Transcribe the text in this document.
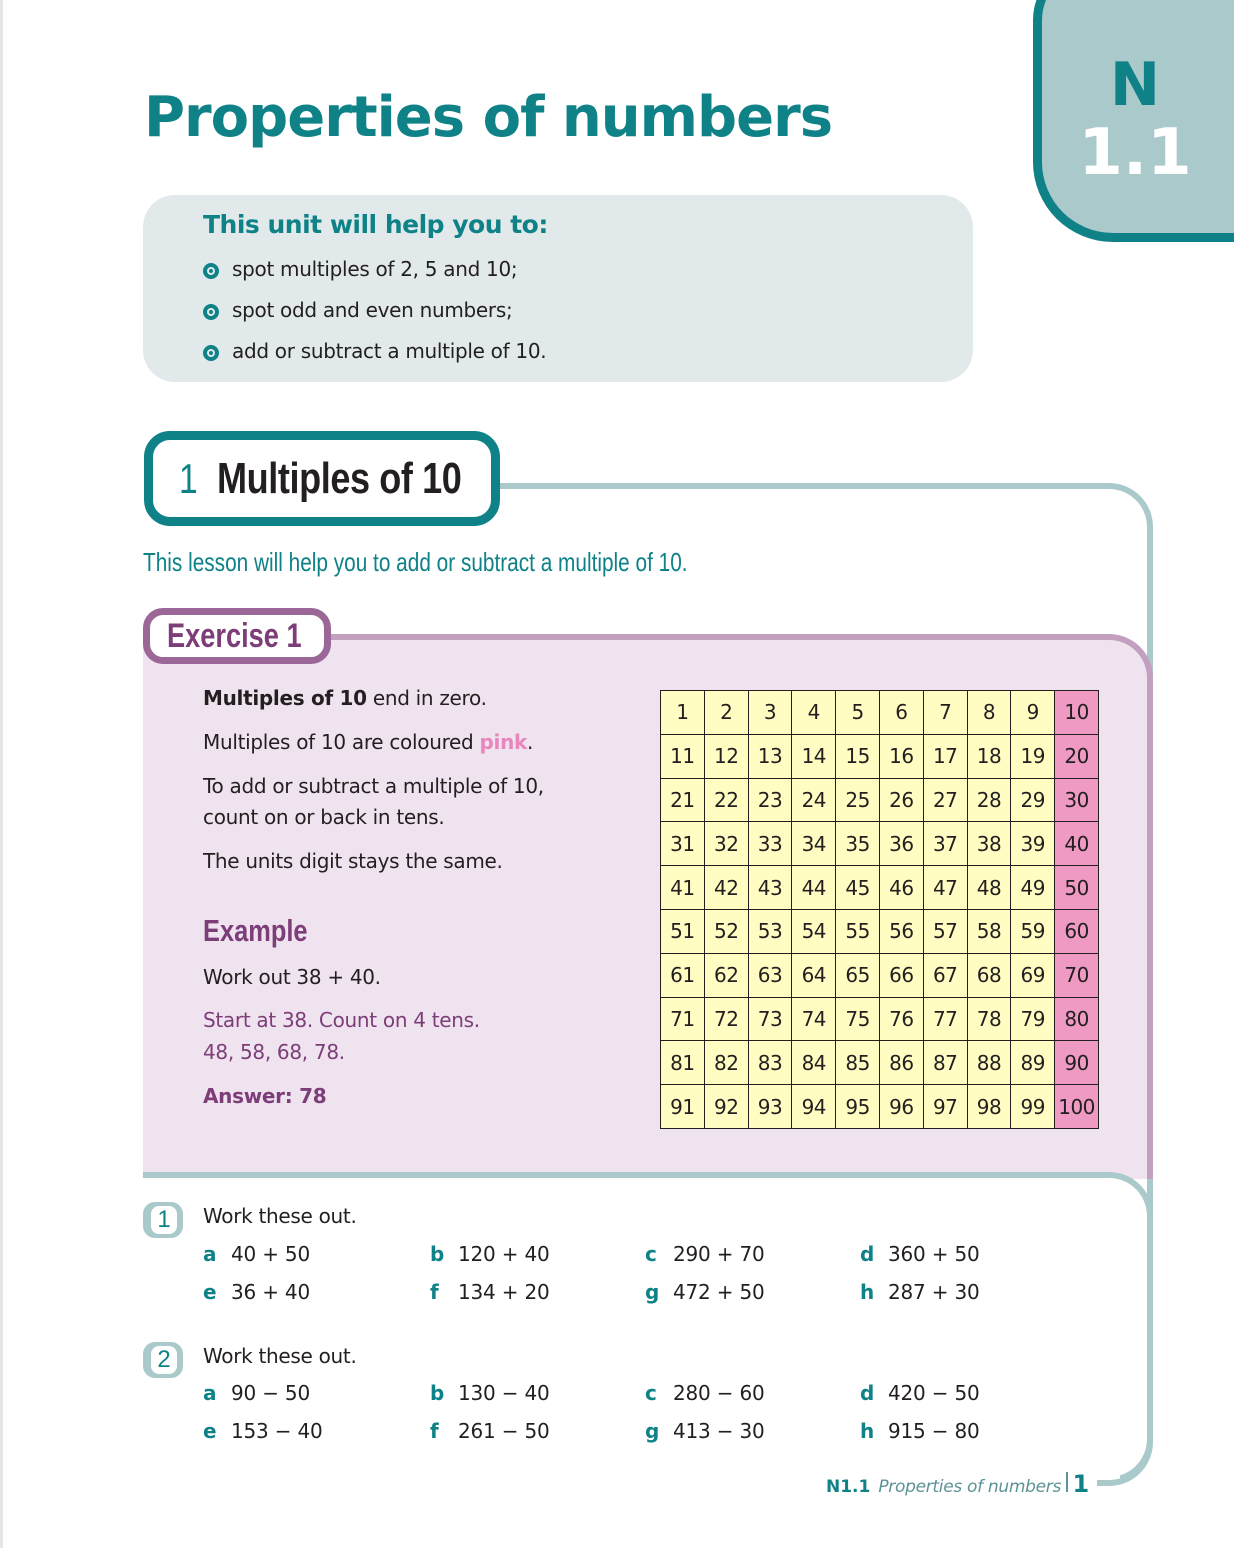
N
1.1
Properties of numbers
This unit will help you to:
spot multiples of 2, 5 and 10;
spot odd and even numbers;
add or subtract a multiple of 10.
1 Multiples of 10
This lesson will help you to add or subtract a multiple of 10.
Exercise 1
Multiples of 10 end in zero.
Multiples of 10 are coloured pink.
To add or subtract a multiple of 10,
count on or back in tens.
The units digit stays the same.
Example
Work out 38 + 40.
Start at 38. Count on 4 tens.
48, 58, 68, 78.
Answer: 78
1	2	3	4	5	6	7	8	9	10
11	12	13	14	15	16	17	18	19	20
21	22	23	24	25	26	27	28	29	30
31	32	33	34	35	36	37	38	39	40
41	42	43	44	45	46	47	48	49	50
51	52	53	54	55	56	57	58	59	60
61	62	63	64	65	66	67	68	69	70
71	72	73	74	75	76	77	78	79	80
81	82	83	84	85	86	87	88	89	90
91	92	93	94	95	96	97	98	99	100
1	Work these out.
a 40 + 50	b 120 + 40	c 290 + 70	d 360 + 50
e 36 + 40	f 134 + 20	g 472 + 50	h 287 + 30
2	Work these out.
a 90 − 50	b 130 − 40	c 280 − 60	d 420 − 50
e 153 − 40	f 261 − 50	g 413 − 30	h 915 − 80
N1.1 Properties of numbers 1
